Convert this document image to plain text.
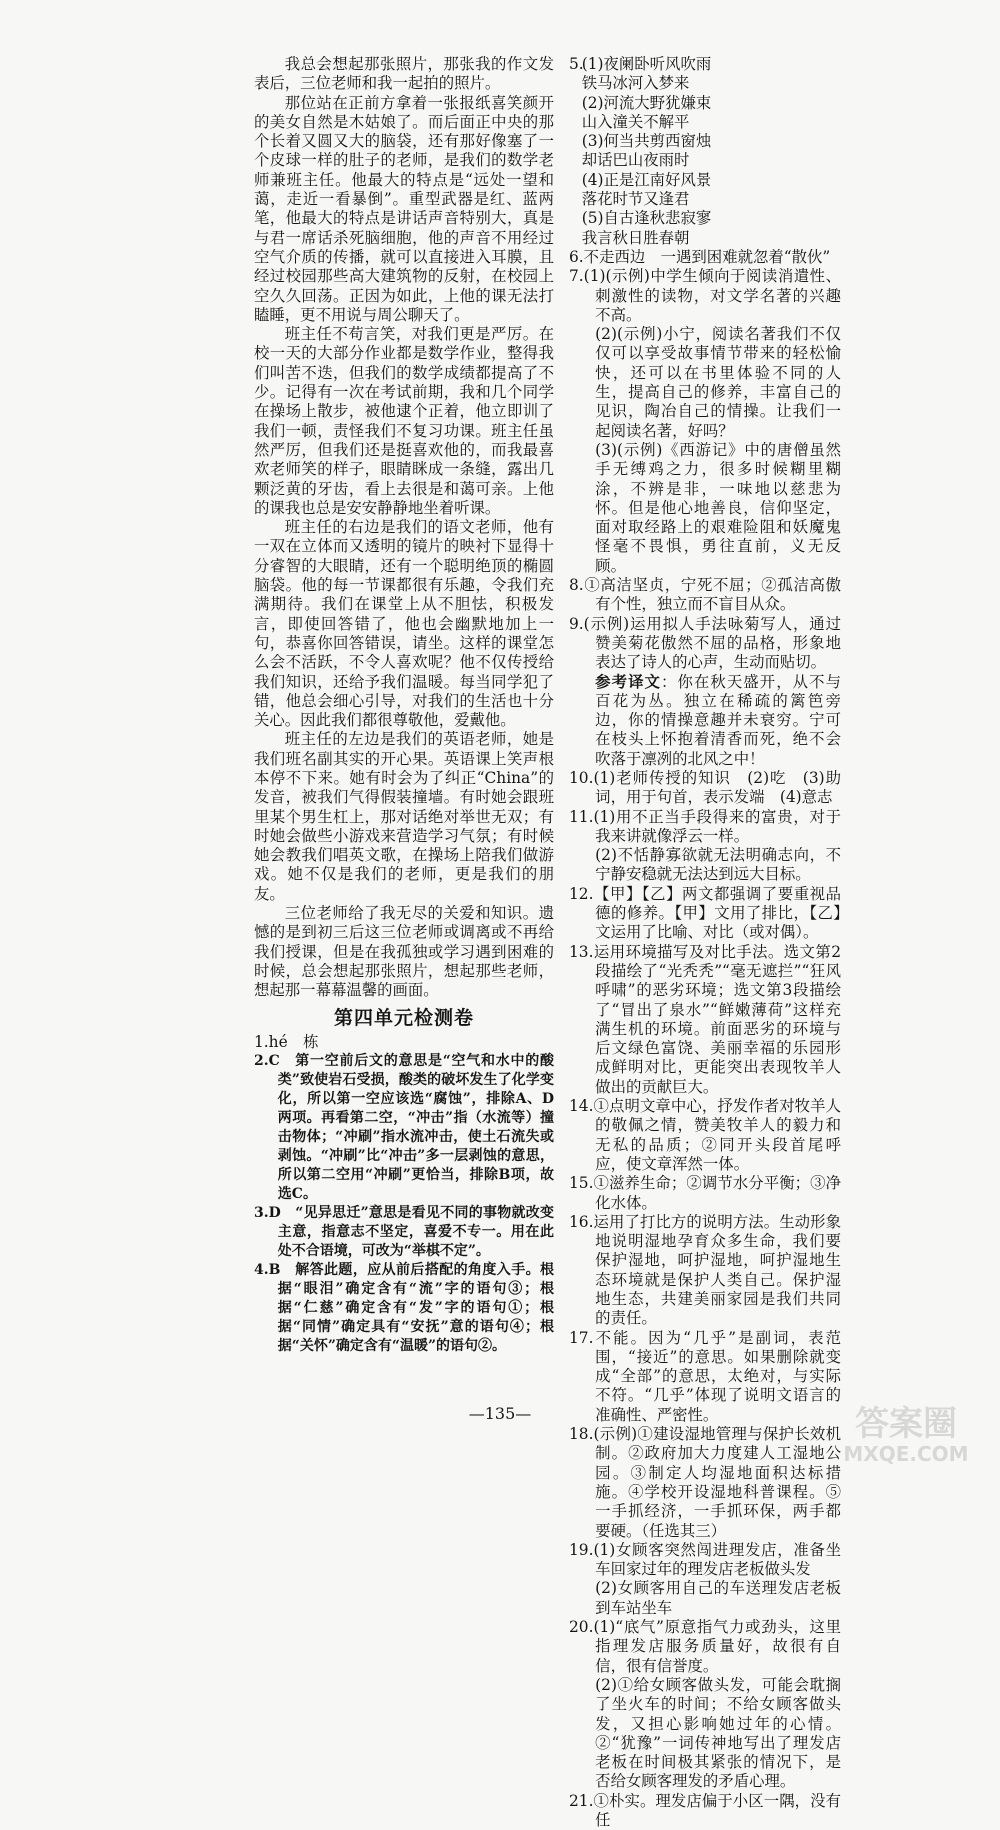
我总会想起那张照片，那张我的作文发表后，三位老师和我一起拍的照片。

那位站在正前方拿着一张报纸喜笑颜开的美女自然是木姑娘了。而后面正中央的那个长着又圆又大的脑袋，还有那好像塞了一个皮球一样的肚子的老师，是我们的数学老师兼班主任。他最大的特点是“远处一望和蔼，走近一看暴倒”。重型武器是红、蓝两笔，他最大的特点是讲话声音特别大，真是与君一席话杀死脑细胞，他的声音不用经过空气介质的传播，就可以直接进入耳膜，且经过校园那些高大建筑物的反射，在校园上空久久回荡。正因为如此，上他的课无法打瞌睡，更不用说与周公聊天了。

班主任不苟言笑，对我们更是严厉。在校一天的大部分作业都是数学作业，整得我们叫苦不迭，但我们的数学成绩都提高了不少。记得有一次在考试前期，我和几个同学在操场上散步，被他逮个正着，他立即训了我们一顿，责怪我们不复习功课。班主任虽然严厉，但我们还是挺喜欢他的，而我最喜欢老师笑的样子，眼睛眯成一条缝，露出几颗泛黄的牙齿，看上去很是和蔼可亲。上他的课我也总是安安静静地坐着听课。

班主任的右边是我们的语文老师，他有一双在立体而又透明的镜片的映衬下显得十分睿智的大眼睛，还有一个聪明绝顶的椭圆脑袋。他的每一节课都很有乐趣，令我们充满期待。我们在课堂上从不胆怯，积极发言，即使回答错了，他也会幽默地加上一句，恭喜你回答错误，请坐。这样的课堂怎么会不活跃，不令人喜欢呢？他不仅传授给我们知识，还给予我们温暖。每当同学犯了错，他总会细心引导，对我们的生活也十分关心。因此我们都很尊敬他，爱戴他。

班主任的左边是我们的英语老师，她是我们班名副其实的开心果。英语课上笑声根本停不下来。她有时会为了纠正“China”的发音，被我们气得假装撞墙。有时她会跟班里某个男生杠上，那对话绝对举世无双；有时她会做些小游戏来营造学习气氛；有时候她会教我们唱英文歌，在操场上陪我们做游戏。她不仅是我们的老师，更是我们的朋友。

三位老师给了我无尽的关爱和知识。遗憾的是到初三后这三位老师或调离或不再给我们授课，但是在我孤独或学习遇到困难的时候，总会想起那张照片，想起那些老师，想起那一幕幕温馨的画面。

第四单元检测卷

1.hé　栋

2.C　第一空前后文的意思是“空气和水中的酸类”致使岩石受损，酸类的破坏发生了化学变化，所以第一空应该选“腐蚀”，排除A、D两项。再看第二空，“冲击”指（水流等）撞击物体；“冲刷”指水流冲击，使土石流失或剥蚀。“冲刷”比“冲击”多一层剥蚀的意思，所以第二空用“冲刷”更恰当，排除B项，故选C。

3.D　“见异思迁”意思是看见不同的事物就改变主意，指意志不坚定，喜爱不专一。用在此处不合语境，可改为“举棋不定”。

4.B　解答此题，应从前后搭配的角度入手。根据“眼泪”确定含有“流”字的语句③；根据“仁慈”确定含有“发”字的语句①；根据“同情”确定具有“安抚”意的语句④；根据“关怀”确定含有“温暖”的语句②。

5.
(1)夜阑卧听风吹雨铁马冰河入梦来
(2)河流大野犹嫌束山入潼关不解平
(3)何当共剪西窗烛却话巴山夜雨时
(4)正是江南好风景落花时节又逢君
(5)自古逢秋悲寂寥我言秋日胜春朝

6.不走西边　一遇到困难就忽着“散伙”

7.(1)(示例)中学生倾向于阅读消遣性、刺激性的读物，对文学名著的兴趣不高。

(2)(示例)小宁，阅读名著我们不仅仅可以享受故事情节带来的轻松愉快，还可以在书里体验不同的人生，提高自己的修养，丰富自己的见识，陶冶自己的情操。让我们一起阅读名著，好吗？

(3)(示例)《西游记》中的唐僧虽然手无缚鸡之力，很多时候糊里糊涂，不辨是非，一味地以慈悲为怀。但是他心地善良，信仰坚定，面对取经路上的艰难险阻和妖魔鬼怪毫不畏惧，勇往直前，义无反顾。

8.①高洁坚贞，宁死不屈；②孤洁高傲有个性，独立而不盲目从众。

9.(示例)运用拟人手法咏菊写人，通过赞美菊花傲然不屈的品格，形象地表达了诗人的心声，生动而贴切。

参考译文：你在秋天盛开，从不与百花为丛。独立在稀疏的篱笆旁边，你的情操意趣并未衰穷。宁可在枝头上怀抱着清香而死，绝不会吹落于凛冽的北风之中！

10.(1)老师传授的知识　(2)吃　(3)助词，用于句首，表示发端　(4)意志

11.(1)用不正当手段得来的富贵，对于我来讲就像浮云一样。

(2)不恬静寡欲就无法明确志向，不宁静安稳就无法达到远大目标。

12.【甲】【乙】两文都强调了要重视品德的修养。【甲】文用了排比，【乙】文运用了比喻、对比（或对偶）。

13.运用环境描写及对比手法。选文第2段描绘了“光秃秃”“毫无遮拦”“狂风呼啸”的恶劣环境；选文第3段描绘了“冒出了泉水”“鲜嫩薄荷”这样充满生机的环境。前面恶劣的环境与后文绿色富饶、美丽幸福的乐园形成鲜明对比，更能突出表现牧羊人做出的贡献巨大。

14.①点明文章中心，抒发作者对牧羊人的敬佩之情，赞美牧羊人的毅力和无私的品质；②同开头段首尾呼应，使文章浑然一体。

15.①滋养生命；②调节水分平衡；③净化水体。

16.运用了打比方的说明方法。生动形象地说明湿地孕育众多生命，我们要保护湿地，呵护湿地，呵护湿地生态环境就是保护人类自己。保护湿地生态，共建美丽家园是我们共同的责任。

17.不能。因为“几乎”是副词，表范围，“接近”的意思。如果删除就变成“全部”的意思，太绝对，与实际不符。“几乎”体现了说明文语言的准确性、严密性。

18.(示例)①建设湿地管理与保护长效机制。②政府加大力度建人工湿地公园。③制定人均湿地面积达标措施。④学校开设湿地科普课程。⑤一手抓经济，一手抓环保，两手都要硬。（任选其三）

19.(1)女顾客突然闯进理发店，准备坐车回家过年的理发店老板做头发

(2)女顾客用自己的车送理发店老板到车站坐车

20.(1)“底气”原意指气力或劲头，这里指理发店服务质量好，故很有自信，很有信誉度。

(2)①给女顾客做头发，可能会耽搁了坐火车的时间；不给女顾客做头发，又担心影响她过年的心情。②“犹豫”一词传神地写出了理发店老板在时间极其紧张的情况下，是否给女顾客理发的矛盾心理。

21.①朴实。理发店偏于小区一隅，没有任

—135—	答案圈
MXQE.COM
